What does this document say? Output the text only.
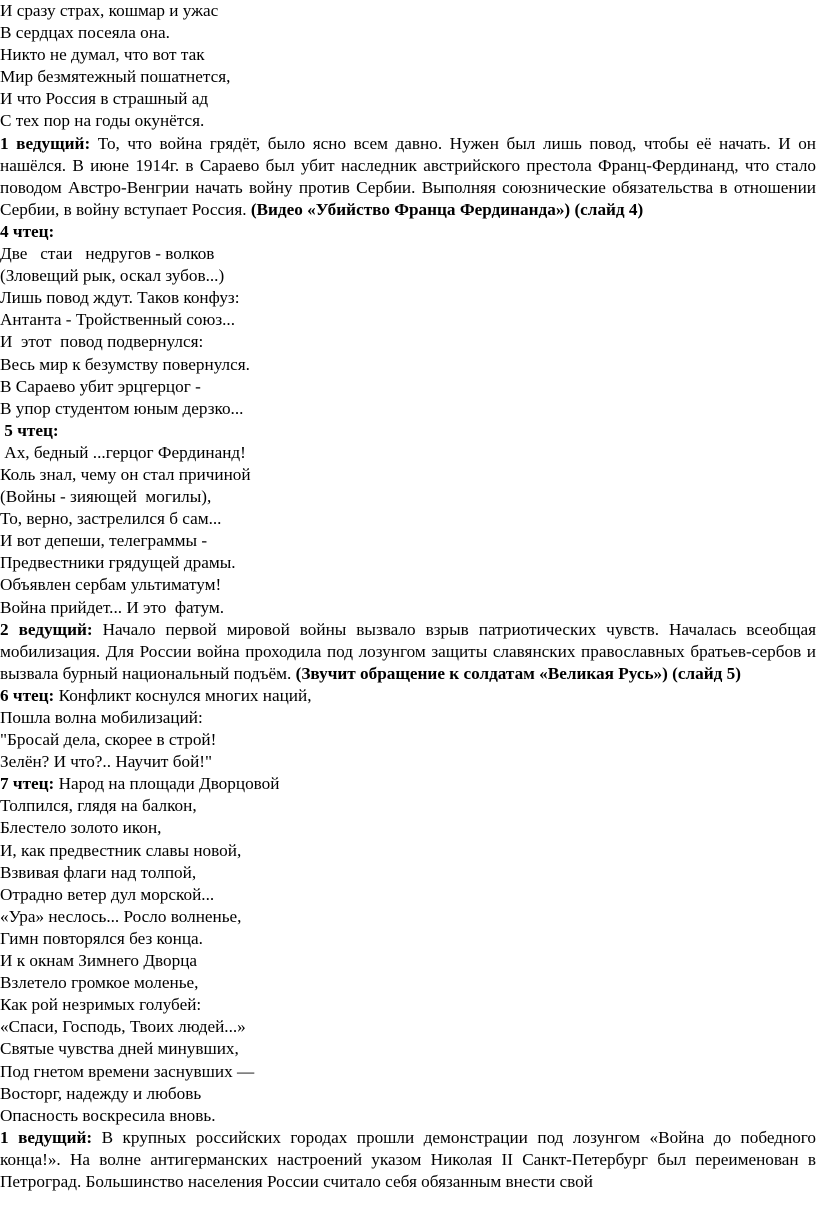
И сразу страх, кошмар и ужас
В сердцах посеяла она.
Никто не думал, что вот так
Мир безмятежный пошатнется,
И что Россия в страшный ад
С тех пор на годы окунётся.
1 ведущий: То, что война грядёт, было ясно всем давно. Нужен был лишь повод, чтобы её начать. И он нашёлся. В июне 1914г. в Сараево был убит наследник австрийского престола Франц-Фердинанд, что стало поводом Австро-Венгрии начать войну против Сербии. Выполняя союзнические обязательства в отношении Сербии, в войну вступает Россия. (Видео «Убийство Франца Фердинанда») (слайд 4)
4 чтец:
Две   стаи   недругов - волков
(Зловещий рык, оскал зубов...)
Лишь повод ждут. Таков конфуз:
Антанта - Тройственный союз...
И  этот  повод подвернулся:
Весь мир к безумству повернулся.
В Сараево убит эрцгерцог -
В упор студентом юным дерзко...
5 чтец:
Ах, бедный ...герцог Фердинанд!
Коль знал, чему он стал причиной
(Войны - зияющей  могилы),
То, верно, застрелился б сам...
И вот депеши, телеграммы -
Предвестники грядущей драмы.
Объявлен сербам ультиматум!
Война прийдет... И это  фатум.
2 ведущий: Начало первой мировой войны вызвало взрыв патриотических чувств. Началась всеобщая мобилизация. Для России война проходила под лозунгом защиты славянских православных братьев-сербов и вызвала бурный национальный подъём. (Звучит обращение к солдатам «Великая Русь») (слайд 5)
6 чтец: Конфликт коснулся многих наций,
Пошла волна мобилизаций:
"Бросай дела, скорее в строй!
Зелён? И что?.. Научит бой!"
7 чтец: Народ на площади Дворцовой
Толпился, глядя на балкон,
Блестело золото икон,
И, как предвестник славы новой,
Взвивая флаги над толпой,
Отрадно ветер дул морской...
«Ура» неслось... Росло волненье,
Гимн повторялся без конца.
И к окнам Зимнего Дворца
Взлетело громкое моленье,
Как рой незримых голубей:
«Спаси, Господь, Твоих людей...»
Святые чувства дней минувших,
Под гнетом времени заснувших —
Восторг, надежду и любовь
Опасность воскресила вновь.
1 ведущий: В крупных российских городах прошли демонстрации под лозунгом «Война до победного конца!». На волне антигерманских настроений указом Николая II Санкт-Петербург был переименован в Петроград. Большинство населения России считало себя обязанным внести свой
